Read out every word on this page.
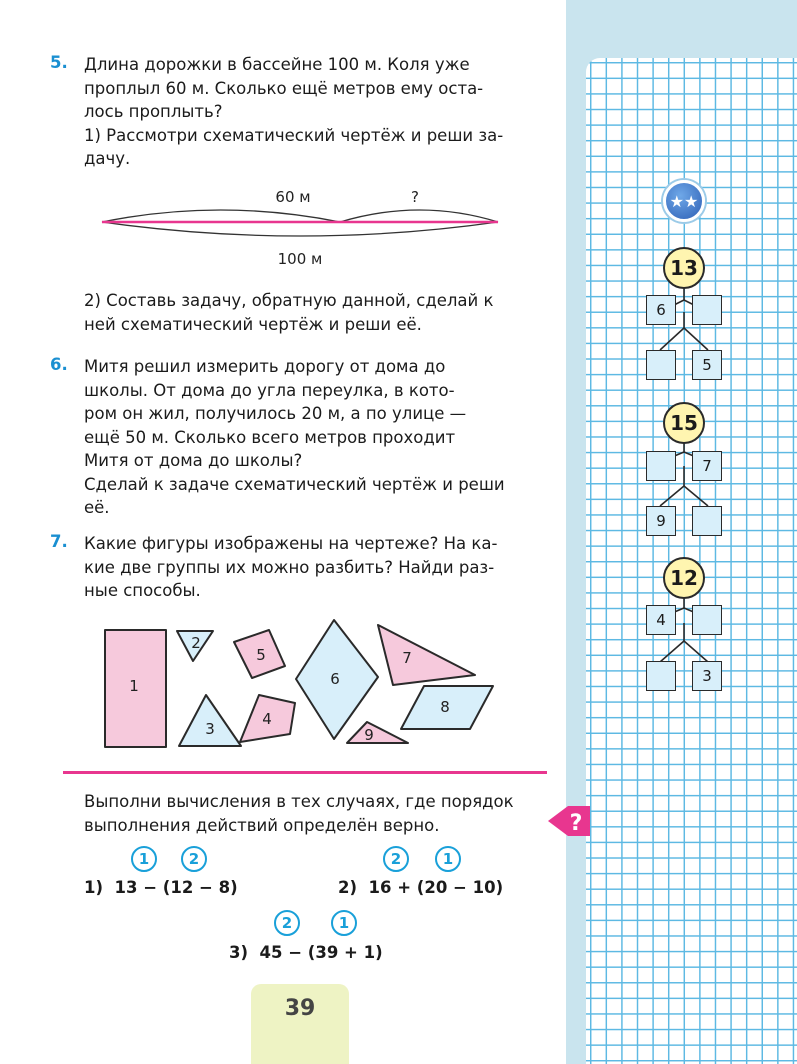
5. Длина дорожки в бассейне 100 м. Коля уже

проплыл 60 м. Сколько ещё метров ему оста-

лось проплыть?

1) Рассмотри схематический чертёж и реши за-

дачу.

60 м	?
100 м

2) Составь задачу, обратную данной, сделай к

ней схематический чертёж и реши её.

6. Митя решил измерить дорогу от дома до

школы. От дома до угла переулка, в кото-

ром он жил, получилось 20 м, а по улице —

ещё 50 м. Сколько всего метров проходит

Митя от дома до школы?

Сделай к задаче схематический чертёж и реши

её.

7. Какие фигуры изображены на чертеже? На ка-

кие две группы их можно разбить? Найди раз-

ные способы.

1
2
3
4
5
6
7
8
9

Выполни вычисления в тех случаях, где порядок

выполнения действий определён верно.

1	2
1) 13 − (12 − 8)
2	1
2) 16 + (20 − 10)
2	1
3) 45 − (39 + 1)
39
?
★★
13
6
5
15
7
9
12
4
3
